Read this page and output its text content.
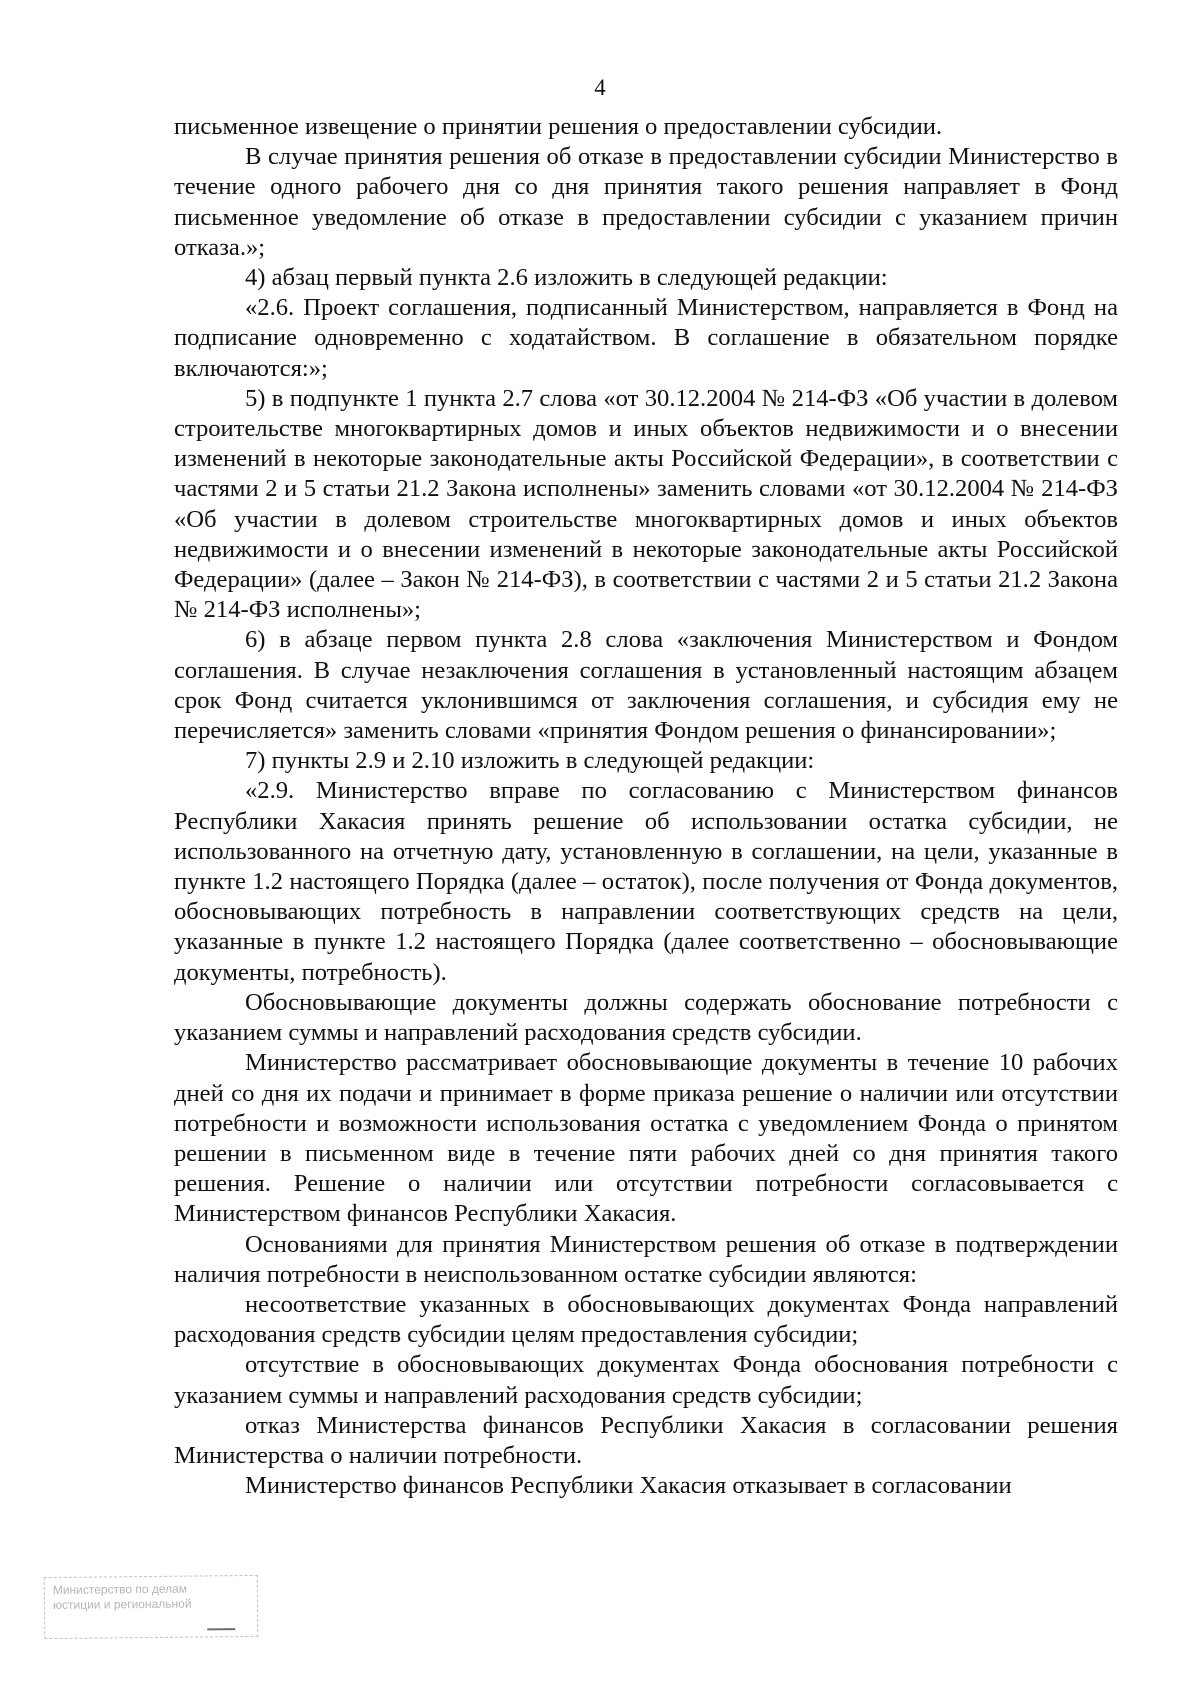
4

письменное извещение о принятии решения о предоставлении субсидии.

В случае принятия решения об отказе в предоставлении субсидии Министерство в течение одного рабочего дня со дня принятия такого решения направляет в Фонд письменное уведомление об отказе в предоставлении субсидии с указанием причин отказа.»;

4) абзац первый пункта 2.6 изложить в следующей редакции:

«2.6. Проект соглашения, подписанный Министерством, направляется в Фонд на подписание одновременно с ходатайством. В соглашение в обязательном порядке включаются:»;

5) в подпункте 1 пункта 2.7 слова «от 30.12.2004 № 214-ФЗ «Об участии в долевом строительстве многоквартирных домов и иных объектов недвижимости и о внесении изменений в некоторые законодательные акты Российской Федерации», в соответствии с частями 2 и 5 статьи 21.2 Закона исполнены» заменить словами «от 30.12.2004 № 214-ФЗ «Об участии в долевом строительстве многоквартирных домов и иных объектов недвижимости и о внесении изменений в некоторые законодательные акты Российской Федерации» (далее – Закон № 214-ФЗ), в соответствии с частями 2 и 5 статьи 21.2 Закона № 214-ФЗ исполнены»;

6) в абзаце первом пункта 2.8 слова «заключения Министерством и Фондом соглашения. В случае незаключения соглашения в установленный настоящим абзацем срок Фонд считается уклонившимся от заключения соглашения, и субсидия ему не перечисляется» заменить словами «принятия Фондом решения о финансировании»;

7) пункты 2.9 и 2.10 изложить в следующей редакции:

«2.9. Министерство вправе по согласованию с Министерством финансов Республики Хакасия принять решение об использовании остатка субсидии, не использованного на отчетную дату, установленную в соглашении, на цели, указанные в пункте 1.2 настоящего Порядка (далее – остаток), после получения от Фонда документов, обосновывающих потребность в направлении соответствующих средств на цели, указанные в пункте 1.2 настоящего Порядка (далее соответственно – обосновывающие документы, потребность).

Обосновывающие документы должны содержать обоснование потребности с указанием суммы и направлений расходования средств субсидии.

Министерство рассматривает обосновывающие документы в течение 10 рабочих дней со дня их подачи и принимает в форме приказа решение о наличии или отсутствии потребности и возможности использования остатка с уведомлением Фонда о принятом решении в письменном виде в течение пяти рабочих дней со дня принятия такого решения. Решение о наличии или отсутствии потребности согласовывается с Министерством финансов Республики Хакасия.

Основаниями для принятия Министерством решения об отказе в подтверждении наличия потребности в неиспользованном остатке субсидии являются:

несоответствие указанных в обосновывающих документах Фонда направлений расходования средств субсидии целям предоставления субсидии;

отсутствие в обосновывающих документах Фонда обоснования потребности с указанием суммы и направлений расходования средств субсидии;

отказ Министерства финансов Республики Хакасия в согласовании решения Министерства о наличии потребности.

Министерство финансов Республики Хакасия отказывает в согласовании

Министерство по делам
юстиции и региональной
